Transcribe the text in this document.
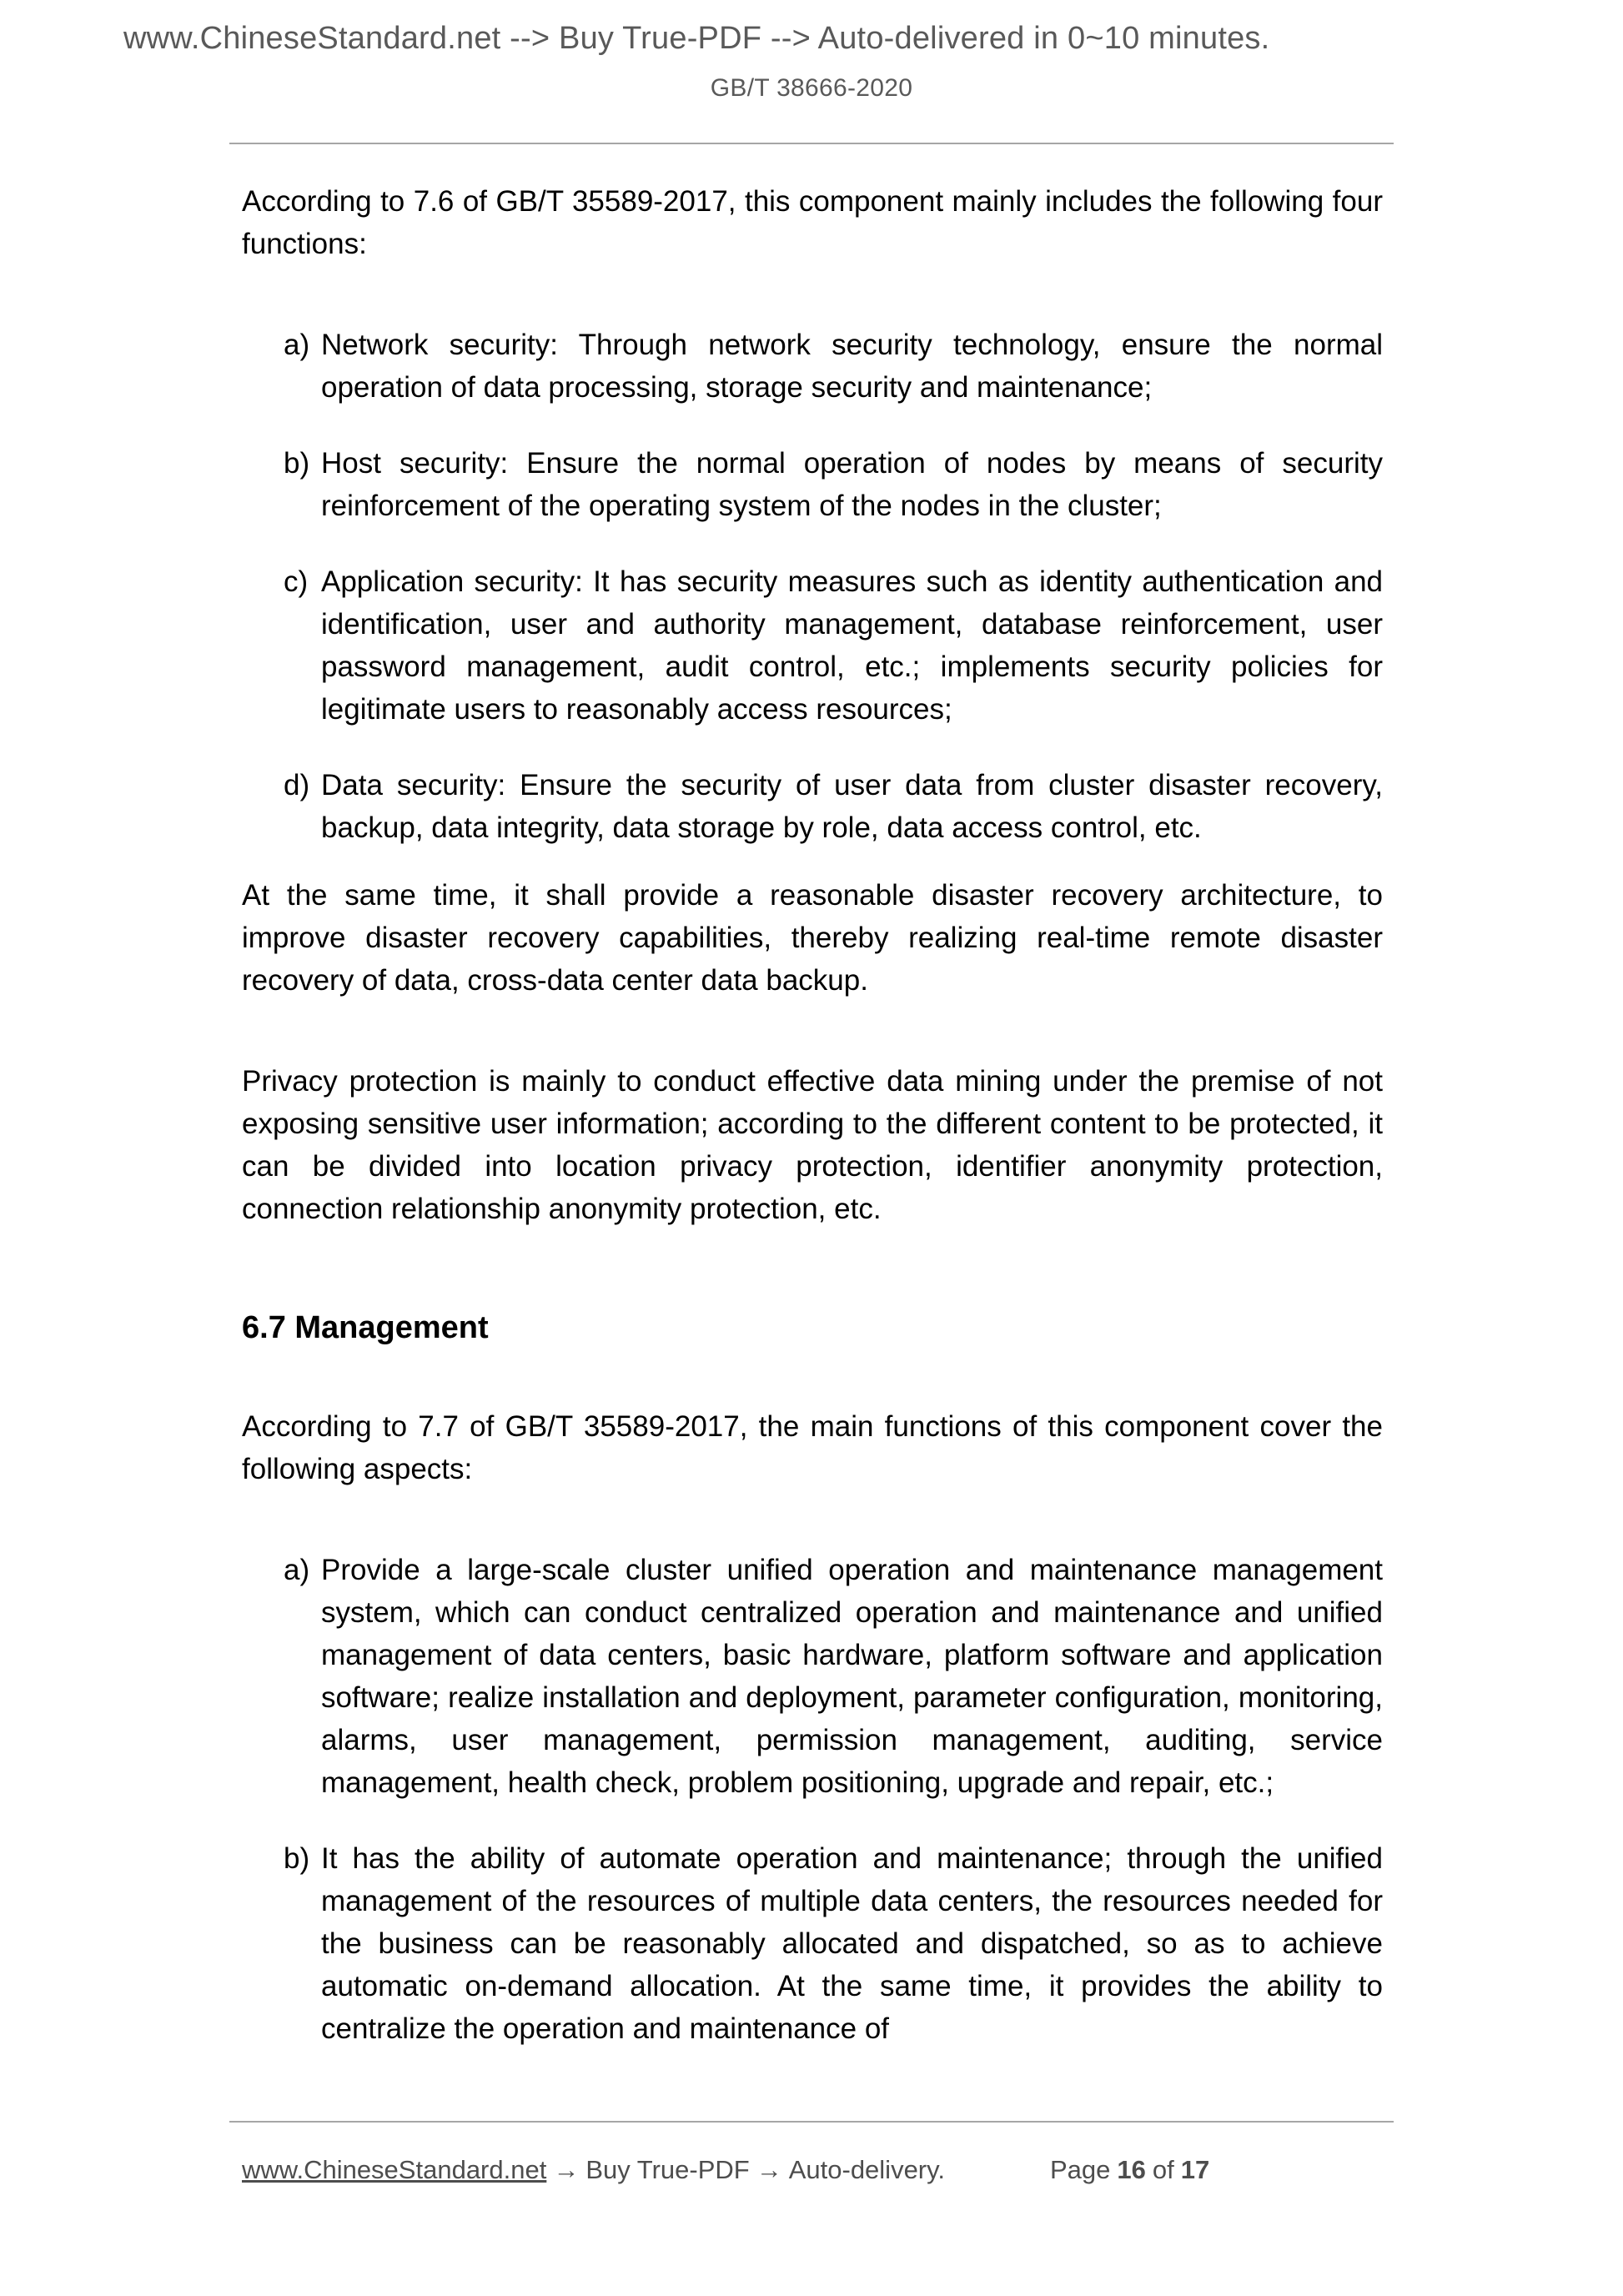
www.ChineseStandard.net --> Buy True-PDF --> Auto-delivered in 0~10 minutes.
GB/T 38666-2020

According to 7.6 of GB/T 35589-2017, this component mainly includes the following four functions:

a) Network security: Through network security technology, ensure the normal operation of data processing, storage security and maintenance;
b) Host security: Ensure the normal operation of nodes by means of security reinforcement of the operating system of the nodes in the cluster;
c) Application security: It has security measures such as identity authentication and identification, user and authority management, database reinforcement, user password management, audit control, etc.; implements security policies for legitimate users to reasonably access resources;
d) Data security: Ensure the security of user data from cluster disaster recovery, backup, data integrity, data storage by role, data access control, etc.

At the same time, it shall provide a reasonable disaster recovery architecture, to improve disaster recovery capabilities, thereby realizing real-time remote disaster recovery of data, cross-data center data backup.

Privacy protection is mainly to conduct effective data mining under the premise of not exposing sensitive user information; according to the different content to be protected, it can be divided into location privacy protection, identifier anonymity protection, connection relationship anonymity protection, etc.

6.7 Management

According to 7.7 of GB/T 35589-2017, the main functions of this component cover the following aspects:

a) Provide a large-scale cluster unified operation and maintenance management system, which can conduct centralized operation and maintenance and unified management of data centers, basic hardware, platform software and application software; realize installation and deployment, parameter configuration, monitoring, alarms, user management, permission management, auditing, service management, health check, problem positioning, upgrade and repair, etc.;
b) It has the ability of automate operation and maintenance; through the unified management of the resources of multiple data centers, the resources needed for the business can be reasonably allocated and dispatched, so as to achieve automatic on-demand allocation. At the same time, it provides the ability to centralize the operation and maintenance of
www.ChineseStandard.net → Buy True-PDF → Auto-delivery.	Page 16 of 17
